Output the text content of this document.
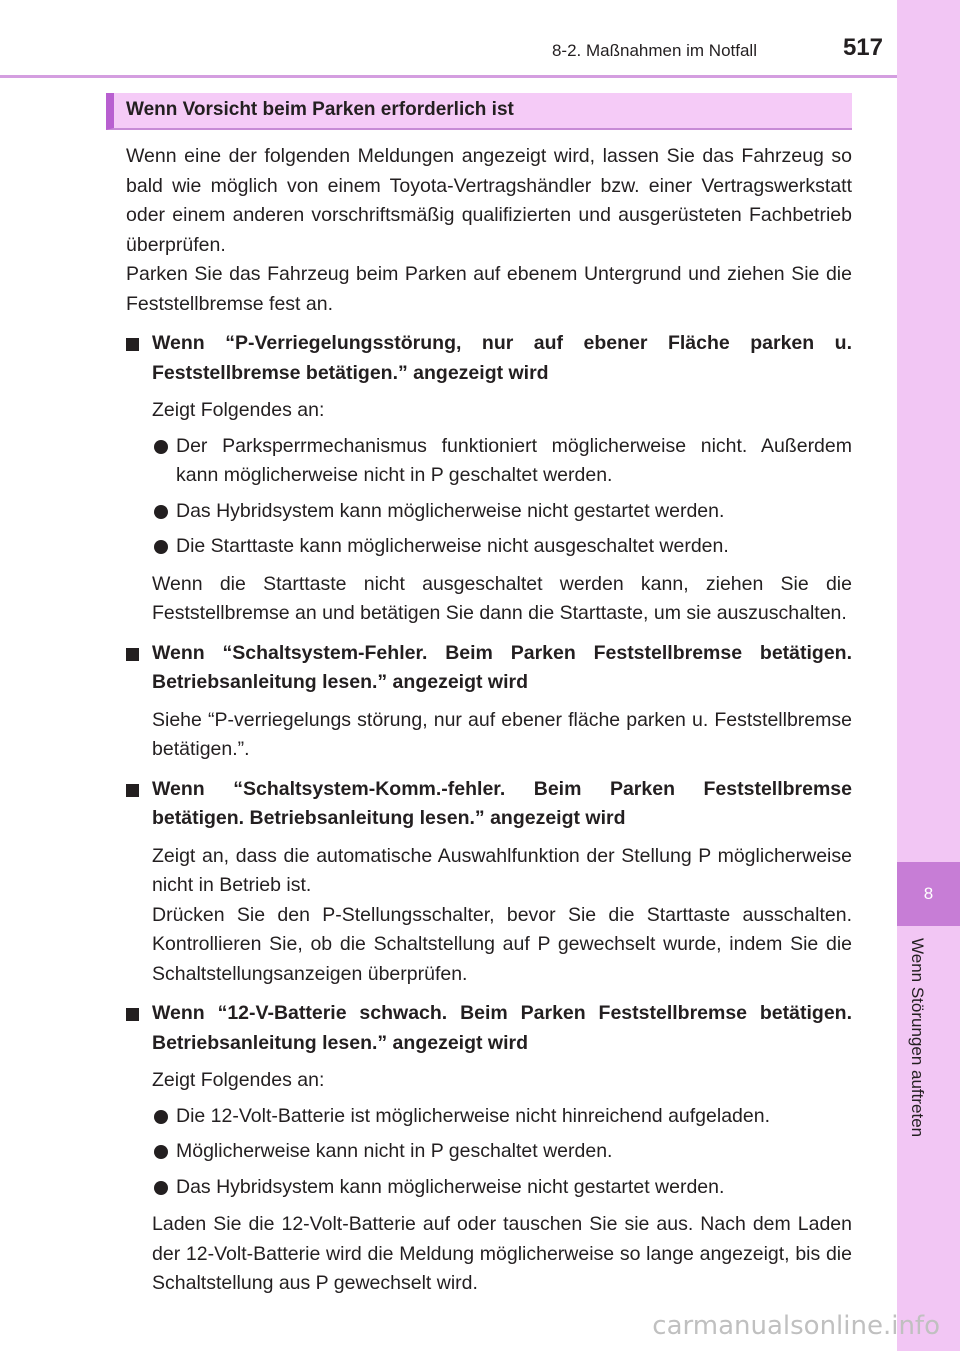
8-2. Maßnahmen im Notfall	517
8
Wenn Störungen auftreten
Wenn Vorsicht beim Parken erforderlich ist

Wenn eine der folgenden Meldungen angezeigt wird, lassen Sie das Fahrzeug so bald wie möglich von einem Toyota-Vertragshändler bzw. einer Vertragswerkstatt oder einem anderen vorschriftsmäßig qualifizierten und ausgerüsteten Fachbetrieb überprüfen.

Parken Sie das Fahrzeug beim Parken auf ebenem Untergrund und ziehen Sie die Feststellbremse fest an.

Wenn “P-Verriegelungsstörung, nur auf ebener Fläche parken u. Feststellbremse betätigen.” angezeigt wird

Zeigt Folgendes an:

Der Parksperrmechanismus funktioniert möglicherweise nicht. Außerdem kann möglicherweise nicht in P geschaltet werden.

Das Hybridsystem kann möglicherweise nicht gestartet werden.

Die Starttaste kann möglicherweise nicht ausgeschaltet werden.

Wenn die Starttaste nicht ausgeschaltet werden kann, ziehen Sie die Feststellbremse an und betätigen Sie dann die Starttaste, um sie auszuschalten.

Wenn “Schaltsystem-Fehler. Beim Parken Feststellbremse betätigen. Betriebsanleitung lesen.” angezeigt wird

Siehe “P-verriegelungs störung, nur auf ebener fläche parken u. Feststellbremse betätigen.”.

Wenn “Schaltsystem-Komm.-fehler. Beim Parken Feststellbremse betätigen. Betriebsanleitung lesen.” angezeigt wird

Zeigt an, dass die automatische Auswahlfunktion der Stellung P möglicherweise nicht in Betrieb ist.

Drücken Sie den P-Stellungsschalter, bevor Sie die Starttaste ausschalten. Kontrollieren Sie, ob die Schaltstellung auf P gewechselt wurde, indem Sie die Schaltstellungsanzeigen überprüfen.

Wenn “12-V-Batterie schwach. Beim Parken Feststellbremse betätigen. Betriebsanleitung lesen.” angezeigt wird

Zeigt Folgendes an:

Die 12-Volt-Batterie ist möglicherweise nicht hinreichend aufgeladen.

Möglicherweise kann nicht in P geschaltet werden.

Das Hybridsystem kann möglicherweise nicht gestartet werden.

Laden Sie die 12-Volt-Batterie auf oder tauschen Sie sie aus. Nach dem Laden der 12-Volt-Batterie wird die Meldung möglicherweise so lange angezeigt, bis die Schaltstellung aus P gewechselt wird.

carmanualsonline.info
